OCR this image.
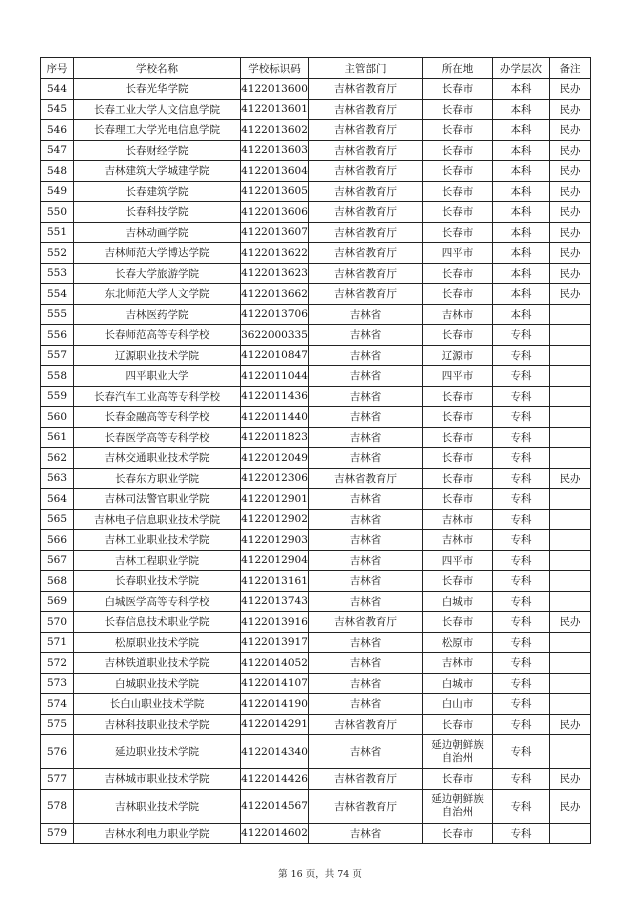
序号	学校名称	学校标识码	主管部门	所在地	办学层次	备注
544	长春光华学院	4122013600	吉林省教育厅	长春市	本科	民办
545	长春工业大学人文信息学院	4122013601	吉林省教育厅	长春市	本科	民办
546	长春理工大学光电信息学院	4122013602	吉林省教育厅	长春市	本科	民办
547	长春财经学院	4122013603	吉林省教育厅	长春市	本科	民办
548	吉林建筑大学城建学院	4122013604	吉林省教育厅	长春市	本科	民办
549	长春建筑学院	4122013605	吉林省教育厅	长春市	本科	民办
550	长春科技学院	4122013606	吉林省教育厅	长春市	本科	民办
551	吉林动画学院	4122013607	吉林省教育厅	长春市	本科	民办
552	吉林师范大学博达学院	4122013622	吉林省教育厅	四平市	本科	民办
553	长春大学旅游学院	4122013623	吉林省教育厅	长春市	本科	民办
554	东北师范大学人文学院	4122013662	吉林省教育厅	长春市	本科	民办
555	吉林医药学院	4122013706	吉林省	吉林市	本科	
556	长春师范高等专科学校	3622000335	吉林省	长春市	专科	
557	辽源职业技术学院	4122010847	吉林省	辽源市	专科	
558	四平职业大学	4122011044	吉林省	四平市	专科	
559	长春汽车工业高等专科学校	4122011436	吉林省	长春市	专科	
560	长春金融高等专科学校	4122011440	吉林省	长春市	专科	
561	长春医学高等专科学校	4122011823	吉林省	长春市	专科	
562	吉林交通职业技术学院	4122012049	吉林省	长春市	专科	
563	长春东方职业学院	4122012306	吉林省教育厅	长春市	专科	民办
564	吉林司法警官职业学院	4122012901	吉林省	长春市	专科	
565	吉林电子信息职业技术学院	4122012902	吉林省	吉林市	专科	
566	吉林工业职业技术学院	4122012903	吉林省	吉林市	专科	
567	吉林工程职业学院	4122012904	吉林省	四平市	专科	
568	长春职业技术学院	4122013161	吉林省	长春市	专科	
569	白城医学高等专科学校	4122013743	吉林省	白城市	专科	
570	长春信息技术职业学院	4122013916	吉林省教育厅	长春市	专科	民办
571	松原职业技术学院	4122013917	吉林省	松原市	专科	
572	吉林铁道职业技术学院	4122014052	吉林省	吉林市	专科	
573	白城职业技术学院	4122014107	吉林省	白城市	专科	
574	长白山职业技术学院	4122014190	吉林省	白山市	专科	
575	吉林科技职业技术学院	4122014291	吉林省教育厅	长春市	专科	民办
576	延边职业技术学院	4122014340	吉林省	延边朝鲜族自治州	专科	
577	吉林城市职业技术学院	4122014426	吉林省教育厅	长春市	专科	民办
578	吉林职业技术学院	4122014567	吉林省教育厅	延边朝鲜族自治州	专科	民办
579	吉林水利电力职业学院	4122014602	吉林省	长春市	专科	
第 16 页，共 74 页
